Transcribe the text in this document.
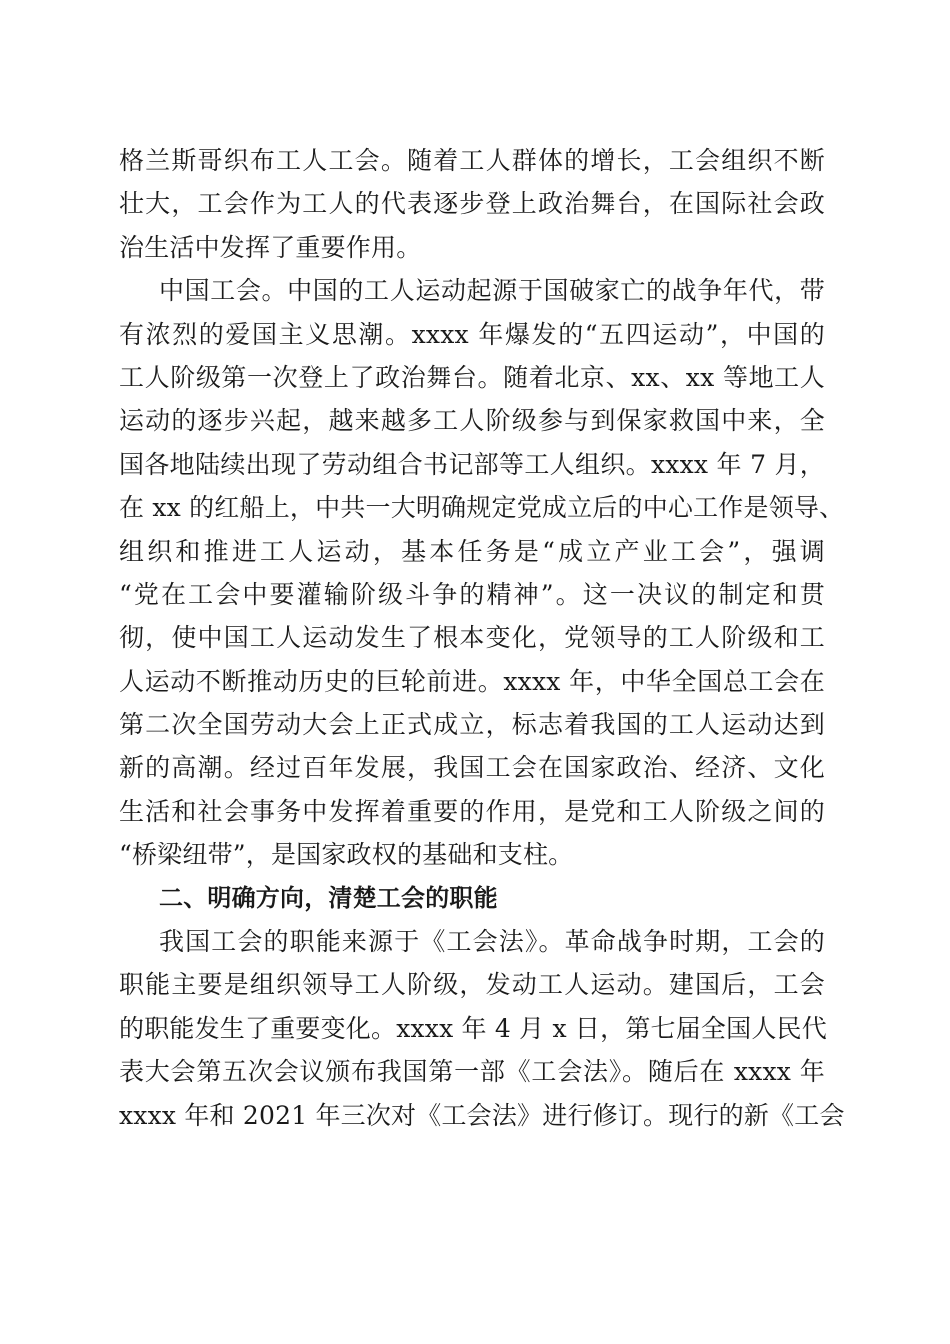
格兰斯哥织布工人工会。随着工人群体的增长，工会组织不断
壮大，工会作为工人的代表逐步登上政治舞台，在国际社会政
治生活中发挥了重要作用。
中国工会。中国的工人运动起源于国破家亡的战争年代，带
有浓烈的爱国主义思潮。xxxx 年爆发的“五四运动”，中国的
工人阶级第一次登上了政治舞台。随着北京、xx、xx 等地工人
运动的逐步兴起，越来越多工人阶级参与到保家救国中来，全
国各地陆续出现了劳动组合书记部等工人组织。xxxx 年 7 月，
在 xx 的红船上，中共一大明确规定党成立后的中心工作是领导、
组织和推进工人运动，基本任务是“成立产业工会”，强调
“党在工会中要灌输阶级斗争的精神”。这一决议的制定和贯
彻，使中国工人运动发生了根本变化，党领导的工人阶级和工
人运动不断推动历史的巨轮前进。xxxx 年，中华全国总工会在
第二次全国劳动大会上正式成立，标志着我国的工人运动达到
新的高潮。经过百年发展，我国工会在国家政治、经济、文化
生活和社会事务中发挥着重要的作用，是党和工人阶级之间的
“桥梁纽带”，是国家政权的基础和支柱。
二、明确方向，清楚工会的职能
我国工会的职能来源于《工会法》。革命战争时期，工会的
职能主要是组织领导工人阶级，发动工人运动。建国后，工会
的职能发生了重要变化。xxxx 年 4 月 x 日，第七届全国人民代
表大会第五次会议颁布我国第一部《工会法》。随后在 xxxx 年
xxxx 年和 2021 年三次对《工会法》进行修订。现行的新《工会
